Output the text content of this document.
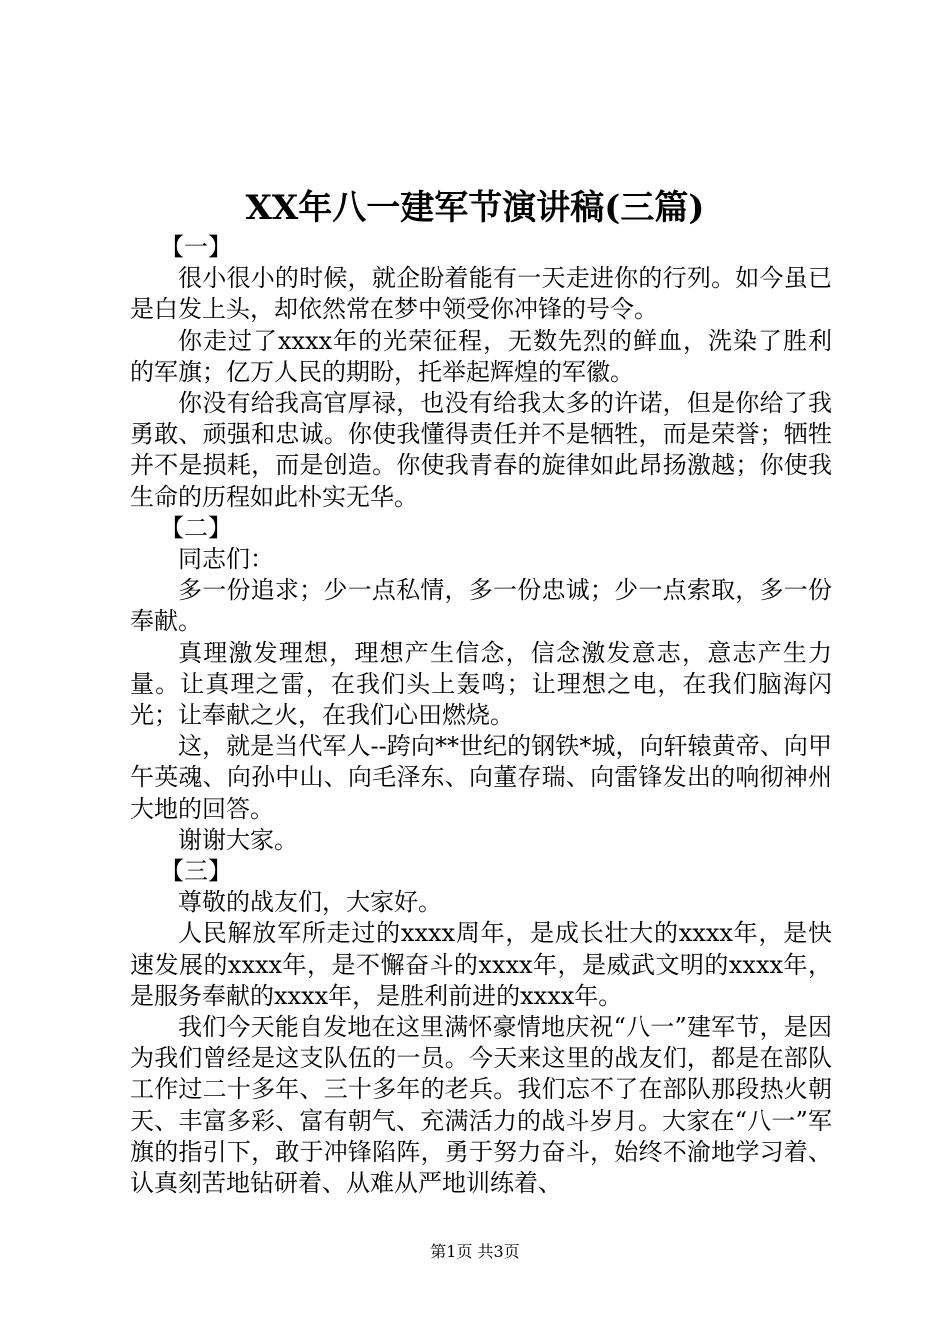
XX年八一建军节演讲稿(三篇)

【一】

很小很小的时候，就企盼着能有一天走进你的行列。如今虽已是白发上头，却依然常在梦中领受你冲锋的号令。

你走过了xxxx年的光荣征程，无数先烈的鲜血，洗染了胜利的军旗；亿万人民的期盼，托举起辉煌的军徽。

你没有给我高官厚禄，也没有给我太多的许诺，但是你给了我勇敢、顽强和忠诚。你使我懂得责任并不是牺牲，而是荣誉；牺牲并不是损耗，而是创造。你使我青春的旋律如此昂扬激越；你使我生命的历程如此朴实无华。

【二】

同志们：

多一份追求；少一点私情，多一份忠诚；少一点索取，多一份奉献。

真理激发理想，理想产生信念，信念激发意志，意志产生力量。让真理之雷，在我们头上轰鸣；让理想之电，在我们脑海闪光；让奉献之火，在我们心田燃烧。

这，就是当代军人--跨向**世纪的钢铁*城，向轩辕黄帝、向甲午英魂、向孙中山、向毛泽东、向董存瑞、向雷锋发出的响彻神州大地的回答。

谢谢大家。

【三】

尊敬的战友们，大家好。

人民解放军所走过的xxxx周年，是成长壮大的xxxx年，是快速发展的xxxx年，是不懈奋斗的xxxx年，是威武文明的xxxx年，是服务奉献的xxxx年，是胜利前进的xxxx年。

我们今天能自发地在这里满怀豪情地庆祝“八一”建军节，是因为我们曾经是这支队伍的一员。今天来这里的战友们，都是在部队工作过二十多年、三十多年的老兵。我们忘不了在部队那段热火朝天、丰富多彩、富有朝气、充满活力的战斗岁月。大家在“八一”军旗的指引下，敢于冲锋陷阵，勇于努力奋斗，始终不渝地学习着、认真刻苦地钻研着、从难从严地训练着、

第1页 共3页
